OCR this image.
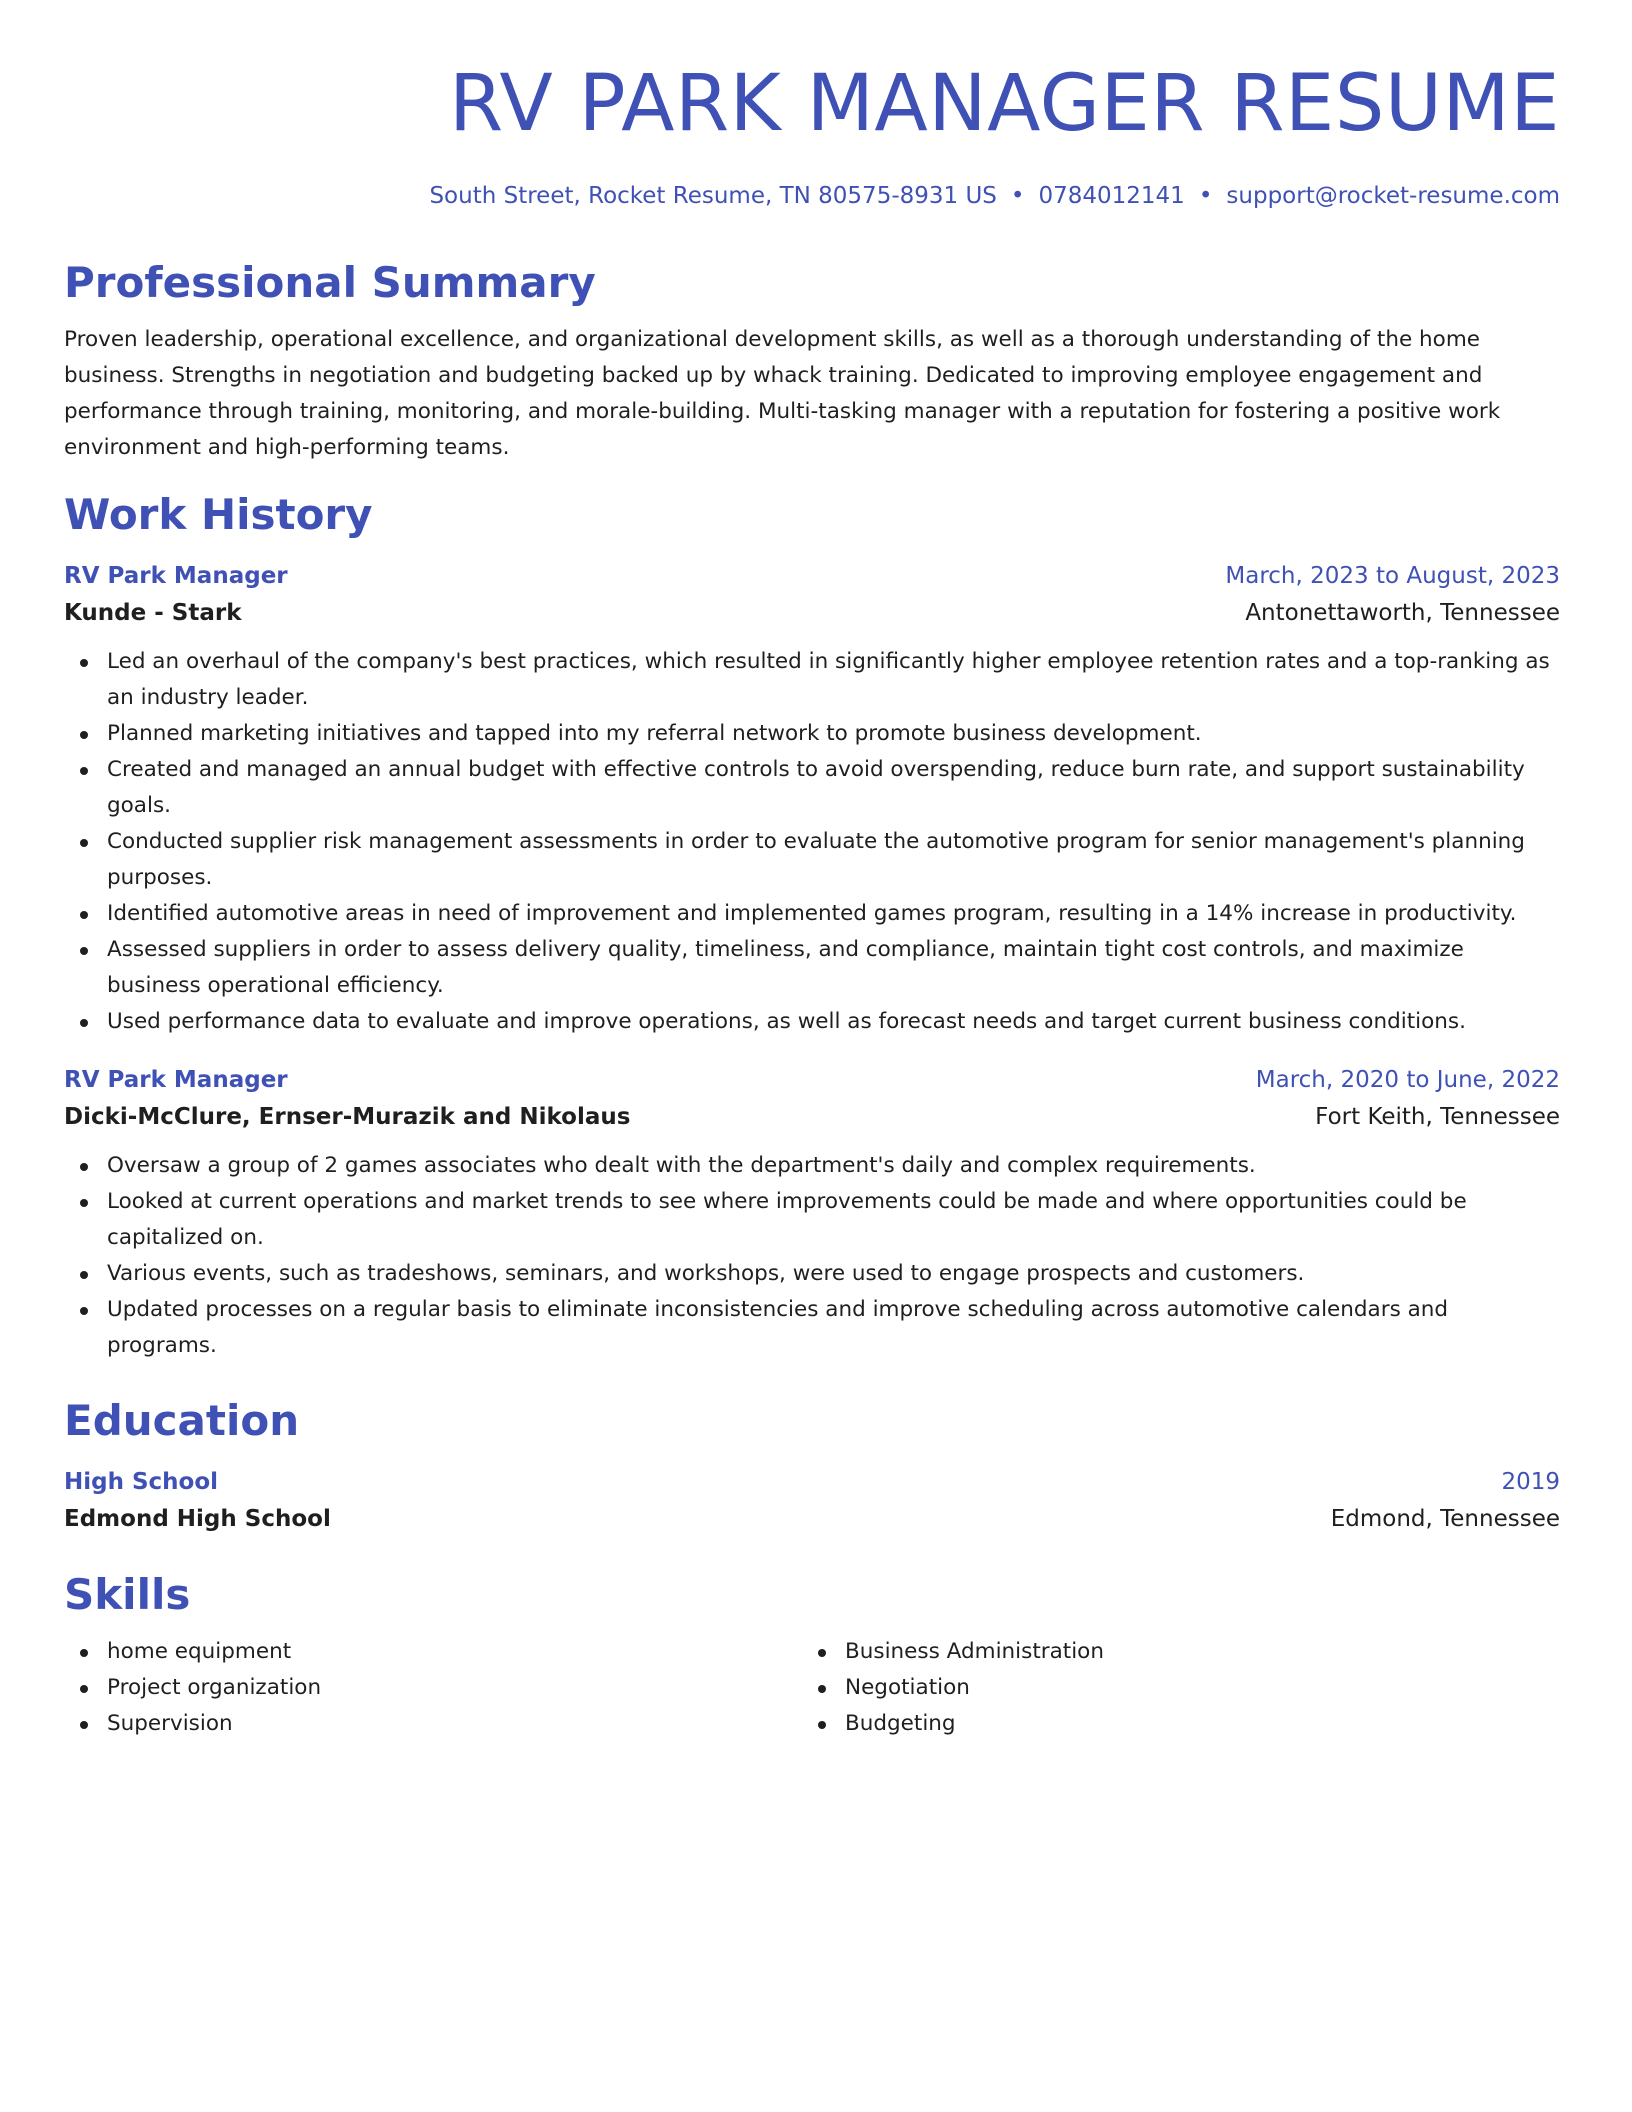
RV PARK MANAGER RESUME
South Street, Rocket Resume, TN 80575-8931 US • 0784012141 • support@rocket-resume.com
Professional Summary

Proven leadership, operational excellence, and organizational development skills, as well as a thorough understanding of the home business. Strengths in negotiation and budgeting backed up by whack training. Dedicated to improving employee engagement and performance through training, monitoring, and morale-building. Multi-tasking manager with a reputation for fostering a positive work environment and high-performing teams.

Work History
RV Park Manager	March, 2023 to August, 2023
Kunde - Stark	Antonettaworth, Tennessee
Led an overhaul of the company's best practices, which resulted in significantly higher employee retention rates and a top-ranking as an industry leader.
Planned marketing initiatives and tapped into my referral network to promote business development.
Created and managed an annual budget with effective controls to avoid overspending, reduce burn rate, and support sustainability goals.
Conducted supplier risk management assessments in order to evaluate the automotive program for senior management's planning purposes.
Identified automotive areas in need of improvement and implemented games program, resulting in a 14% increase in productivity.
Assessed suppliers in order to assess delivery quality, timeliness, and compliance, maintain tight cost controls, and maximize business operational efficiency.
Used performance data to evaluate and improve operations, as well as forecast needs and target current business conditions.
RV Park Manager	March, 2020 to June, 2022
Dicki-McClure, Ernser-Murazik and Nikolaus	Fort Keith, Tennessee
Oversaw a group of 2 games associates who dealt with the department's daily and complex requirements.
Looked at current operations and market trends to see where improvements could be made and where opportunities could be capitalized on.
Various events, such as tradeshows, seminars, and workshops, were used to engage prospects and customers.
Updated processes on a regular basis to eliminate inconsistencies and improve scheduling across automotive calendars and programs.
Education
High School	2019
Edmond High School	Edmond, Tennessee
Skills
home equipment
Project organization
Supervision
Business Administration
Negotiation
Budgeting
